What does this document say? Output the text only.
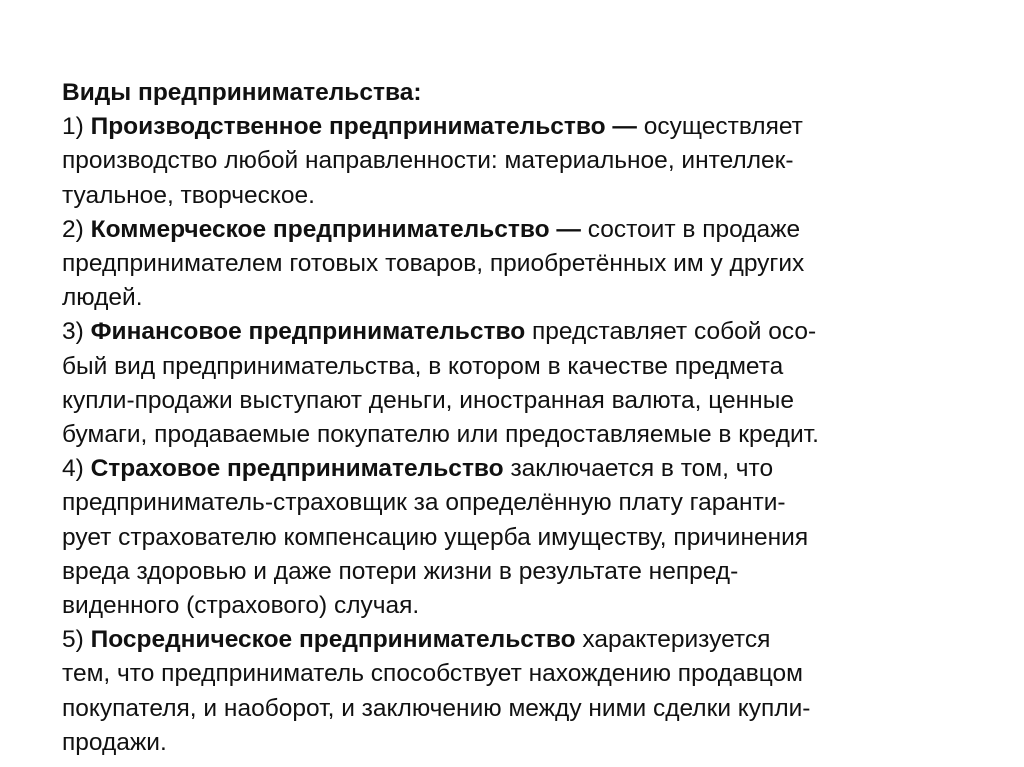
Виды предпринимательства:
1) Производственное предпринимательство — осуществляет
производство любой направленности: материальное, интеллек-
туальное, творческое.
2) Коммерческое предпринимательство — состоит в продаже
предпринимателем готовых товаров, приобретённых им у других
людей.
3) Финансовое предпринимательство представляет собой осо-
бый вид предпринимательства, в котором в качестве предмета
купли-продажи выступают деньги, иностранная валюта, ценные
бумаги, продаваемые покупателю или предоставляемые в кредит.
4) Страховое предпринимательство заключается в том, что
предприниматель-страховщик за определённую плату гаранти-
рует страхователю компенсацию ущерба имуществу, причинения
вреда здоровью и даже потери жизни в результате непред-
виденного (страхового) случая.
5) Посредническое предпринимательство характеризуется
тем, что предприниматель способствует нахождению продавцом
покупателя, и наоборот, и заключению между ними сделки купли-
продажи.
